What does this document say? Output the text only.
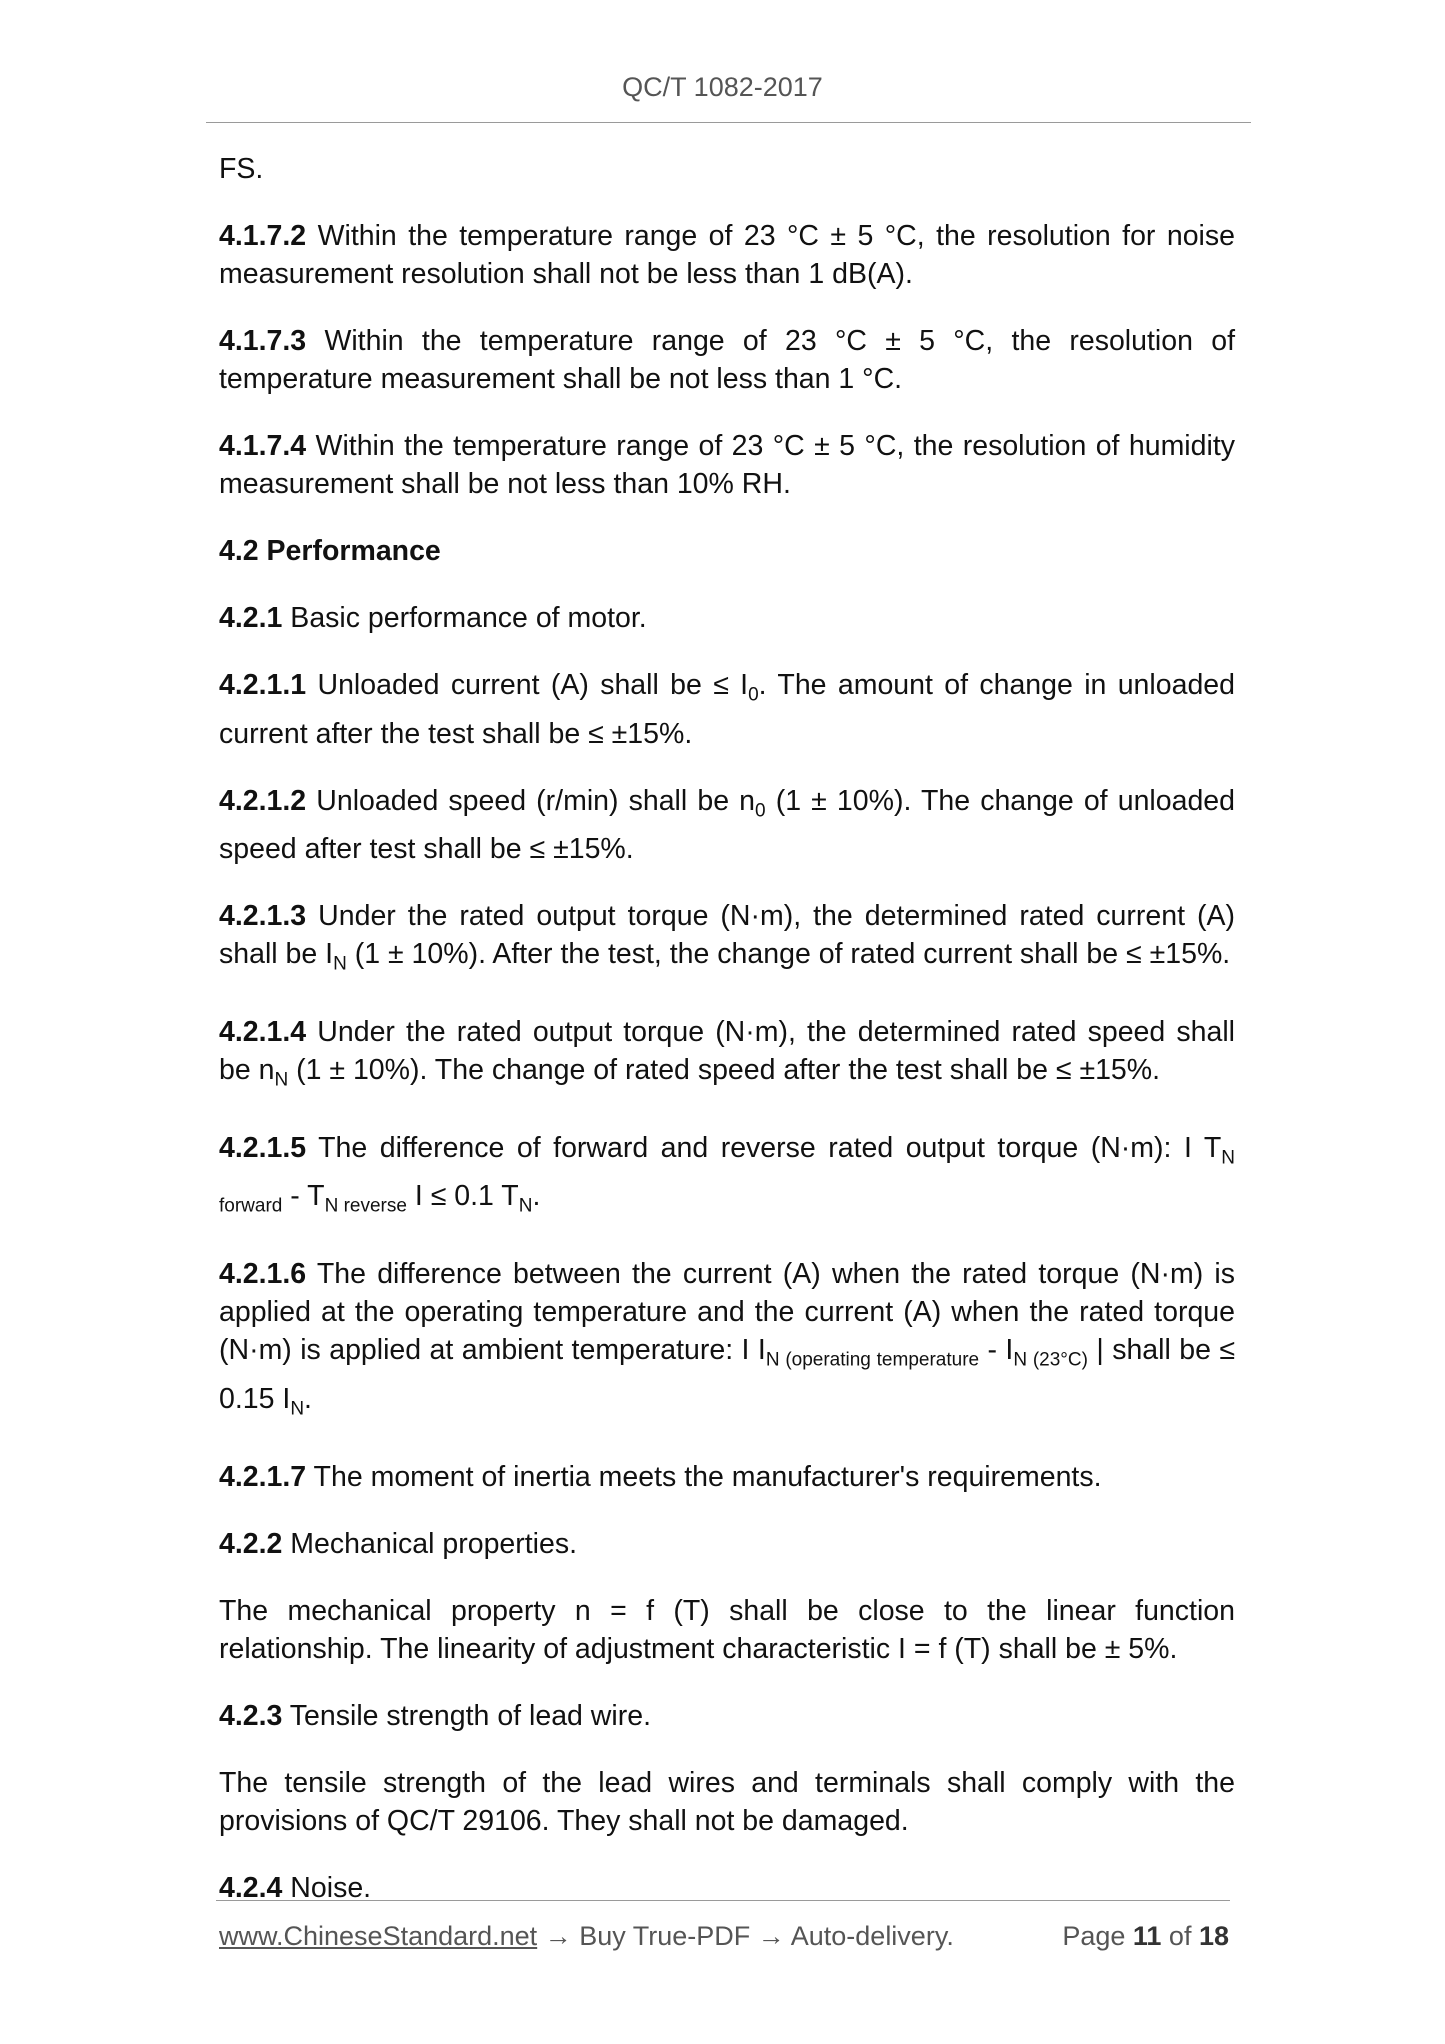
QC/T 1082-2017

FS.

4.1.7.2 Within the temperature range of 23 °C ± 5 °C, the resolution for noise measurement resolution shall not be less than 1 dB(A).

4.1.7.3 Within the temperature range of 23 °C ± 5 °C, the resolution of temperature measurement shall be not less than 1 °C.

4.1.7.4 Within the temperature range of 23 °C ± 5 °C, the resolution of humidity measurement shall be not less than 10% RH.

4.2 Performance

4.2.1 Basic performance of motor.

4.2.1.1 Unloaded current (A) shall be ≤ $I_0$. The amount of change in unloaded current after the test shall be ≤ ±15%.

4.2.1.2 Unloaded speed (r/min) shall be $n_0$ (1 ± 10%). The change of unloaded speed after test shall be ≤ ±15%.

4.2.1.3 Under the rated output torque (N·m), the determined rated current (A) shall be $I_N$ (1 ± 10%). After the test, the change of rated current shall be ≤ ±15%.

4.2.1.4 Under the rated output torque (N·m), the determined rated speed shall be $n_N$ (1 ± 10%). The change of rated speed after the test shall be ≤ ±15%.

4.2.1.5 The difference of forward and reverse rated output torque (N·m): I $T_{N forward} - T_{N reverse}$ I ≤ 0.1 $T_N$.

4.2.1.6 The difference between the current (A) when the rated torque (N·m) is applied at the operating temperature and the current (A) when the rated torque (N·m) is applied at ambient temperature: I $I_{N (operating temperature} - I_{N (23^\circ C)}$ | shall be ≤ 0.15 $I_N$.

4.2.1.7 The moment of inertia meets the manufacturer's requirements.

4.2.2 Mechanical properties.

The mechanical property n = f (T) shall be close to the linear function relationship. The linearity of adjustment characteristic I = f (T) shall be ± 5%.

4.2.3 Tensile strength of lead wire.

The tensile strength of the lead wires and terminals shall comply with the provisions of QC/T 29106. They shall not be damaged.

4.2.4 Noise.

www.ChineseStandard.net → Buy True-PDF → Auto-delivery.	Page 11 of 18
